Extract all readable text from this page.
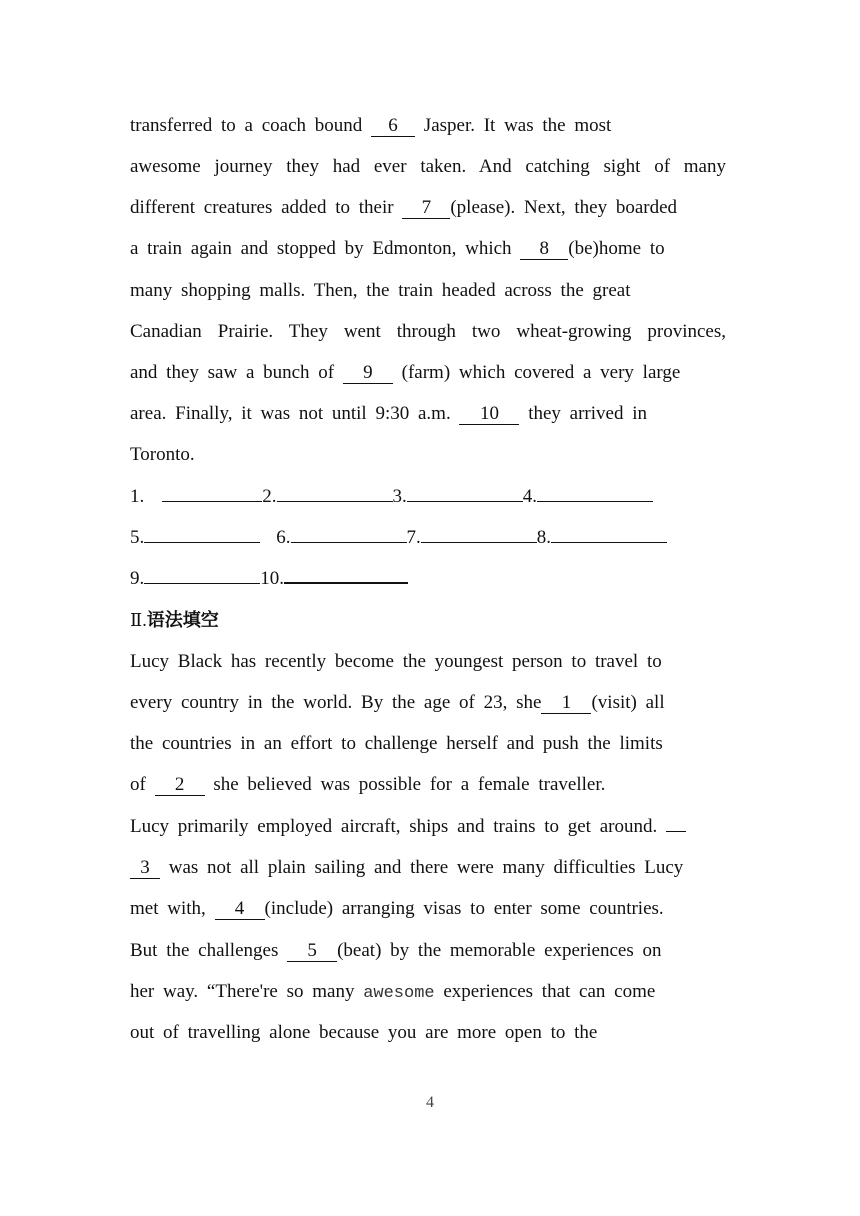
transferred to a coach bound 6 Jasper. It was the most
awesome journey they had ever taken. And catching sight of many
different creatures added to their 7 (please). Next, they boarded
a train again and stopped by Edmonton, which 8 (be)home to
many shopping malls. Then, the train headed across the great
Canadian Prairie. They went through two wheat-growing provinces,
and they saw a bunch of 9 (farm) which covered a very large
area. Finally, it was not until 9:30 a.m. 10 they arrived in
Toronto.
1.	2.	3.	4.
5.	6.	7.	8.
9.	10.
Ⅱ.语法填空
Lucy Black has recently become the youngest person to travel to
every country in the world. By the age of 23, she 1 (visit) all
the countries in an effort to challenge herself and push the limits
of 2 she believed was possible for a female traveller.
Lucy primarily employed aircraft, ships and trains to get around.
3 was not all plain sailing and there were many difficulties Lucy
met with, 4 (include) arranging visas to enter some countries.
But the challenges 5 (beat) by the memorable experiences on
her way. “There're so many awesome experiences that can come
out of travelling alone because you are more open to the
4
